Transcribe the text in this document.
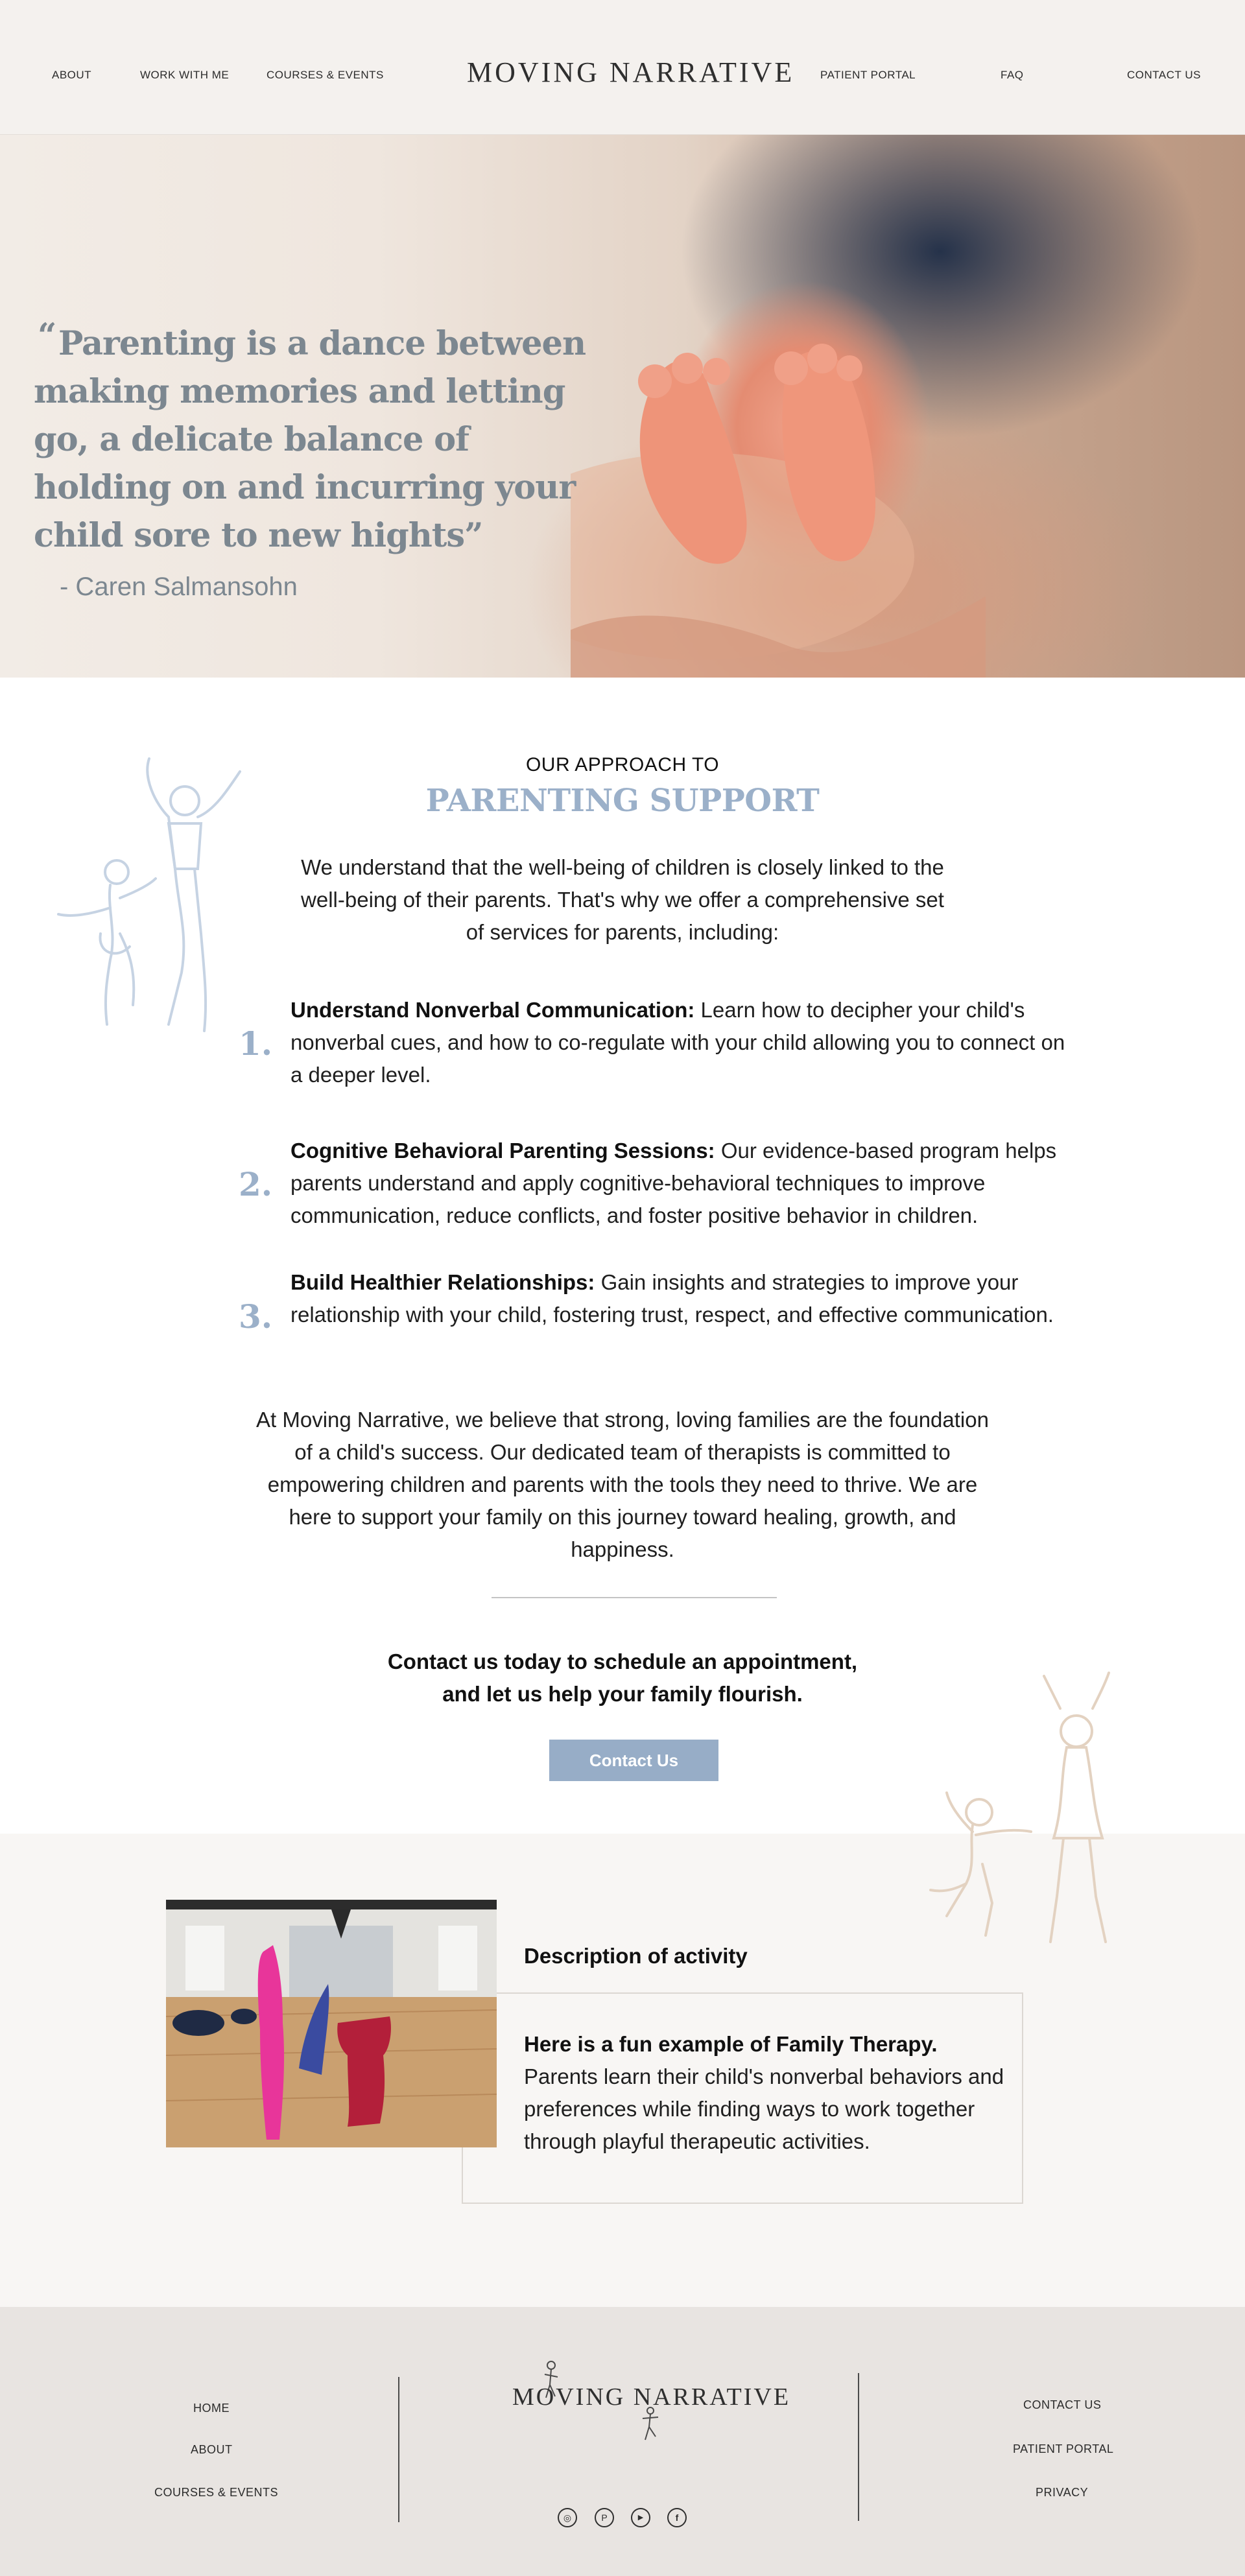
ABOUT	WORK WITH ME	COURSES & EVENTS	MOVING NARRATIVE PATIENT PORTAL	FAQ	CONTACT US
“ Parenting is a dance between making memories and letting go, a delicate balance of holding on and incurring your child sore to new hights”

- Caren Salmansohn

OUR APPROACH TO

PARENTING SUPPORT

We understand that the well-being of children is closely linked to the well-being of their parents. That's why we offer a comprehensive set of services for parents, including:

1.

Understand Nonverbal Communication: Learn how to decipher your child's nonverbal cues, and how to co-regulate with your child allowing you to connect on a deeper level.

2.

Cognitive Behavioral Parenting Sessions: Our evidence-based program helps parents understand and apply cognitive-behavioral techniques to improve communication, reduce conflicts, and foster positive behavior in children.

3.

Build Healthier Relationships: Gain insights and strategies to improve your relationship with your child, fostering trust, respect, and effective communication.

At Moving Narrative, we believe that strong, loving families are the foundation of a child's success. Our dedicated team of therapists is committed to empowering children and parents with the tools they need to thrive. We are here to support your family on this journey toward healing, growth, and happiness.

Contact us today to schedule an appointment,
and let us help your family flourish.

Contact Us
Description of activity

Here is a fun example of Family Therapy.
Parents learn their child's nonverbal behaviors and preferences while finding ways to work together through playful therapeutic activities.

HOME
ABOUT
COURSES & EVENTS
MOVING NARRATIVE
◎	P	▶	f
CONTACT US
PATIENT PORTAL
PRIVACY
